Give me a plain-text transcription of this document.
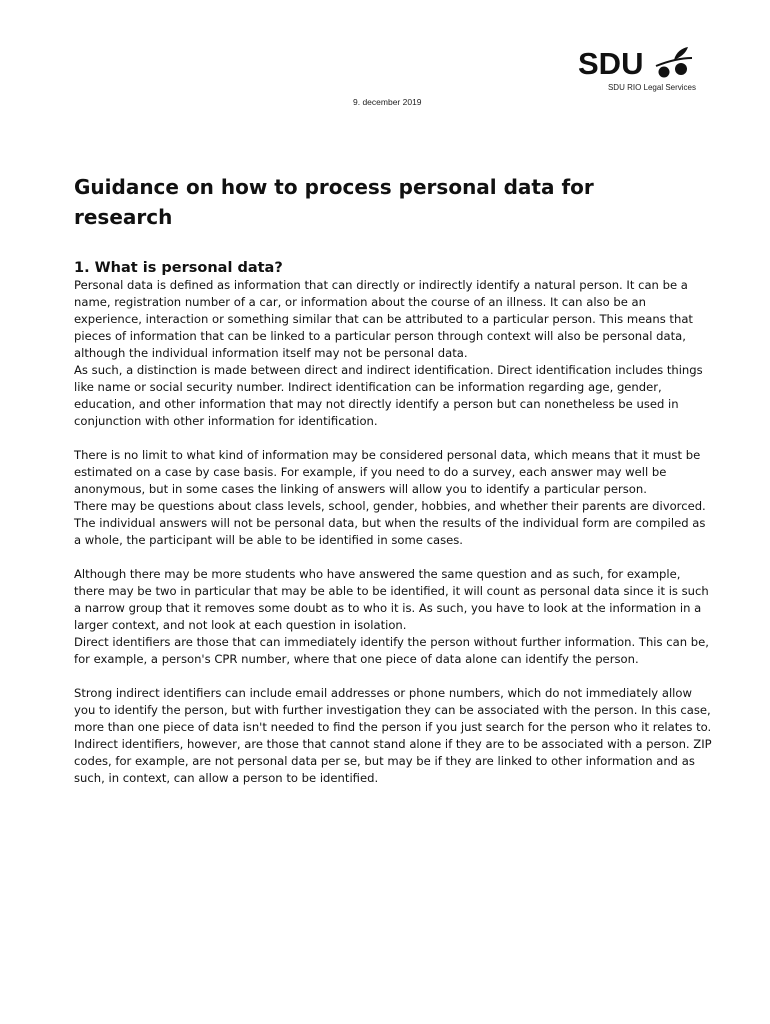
SDU
SDU RIO Legal Services
9. december 2019
Guidance on how to process personal data for research
1. What is personal data?

Personal data is defined as information that can directly or indirectly identify a natural person. It can be a name, registration number of a car, or information about the course of an illness. It can also be an experience, interaction or something similar that can be attributed to a particular person. This means that pieces of information that can be linked to a particular person through context will also be personal data, although the individual information itself may not be personal data.

As such, a distinction is made between direct and indirect identification. Direct identification includes things like name or social security number. Indirect identification can be information regarding age, gender, education, and other information that may not directly identify a person but can nonetheless be used in conjunction with other information for identification.

There is no limit to what kind of information may be considered personal data, which means that it must be estimated on a case by case basis. For example, if you need to do a survey, each answer may well be anonymous, but in some cases the linking of answers will allow you to identify a particular person.

There may be questions about class levels, school, gender, hobbies, and whether their parents are divorced. The individual answers will not be personal data, but when the results of the individual form are compiled as a whole, the participant will be able to be identified in some cases.

Although there may be more students who have answered the same question and as such, for example, there may be two in particular that may be able to be identified, it will count as personal data since it is such a narrow group that it removes some doubt as to who it is. As such, you have to look at the information in a larger context, and not look at each question in isolation.

Direct identifiers are those that can immediately identify the person without further information. This can be, for example, a person's CPR number, where that one piece of data alone can identify the person.

Strong indirect identifiers can include email addresses or phone numbers, which do not immediately allow you to identify the person, but with further investigation they can be associated with the person. In this case, more than one piece of data isn't needed to find the person if you just search for the person who it relates to.

Indirect identifiers, however, are those that cannot stand alone if they are to be associated with a person. ZIP codes, for example, are not personal data per se, but may be if they are linked to other information and as such, in context, can allow a person to be identified.
